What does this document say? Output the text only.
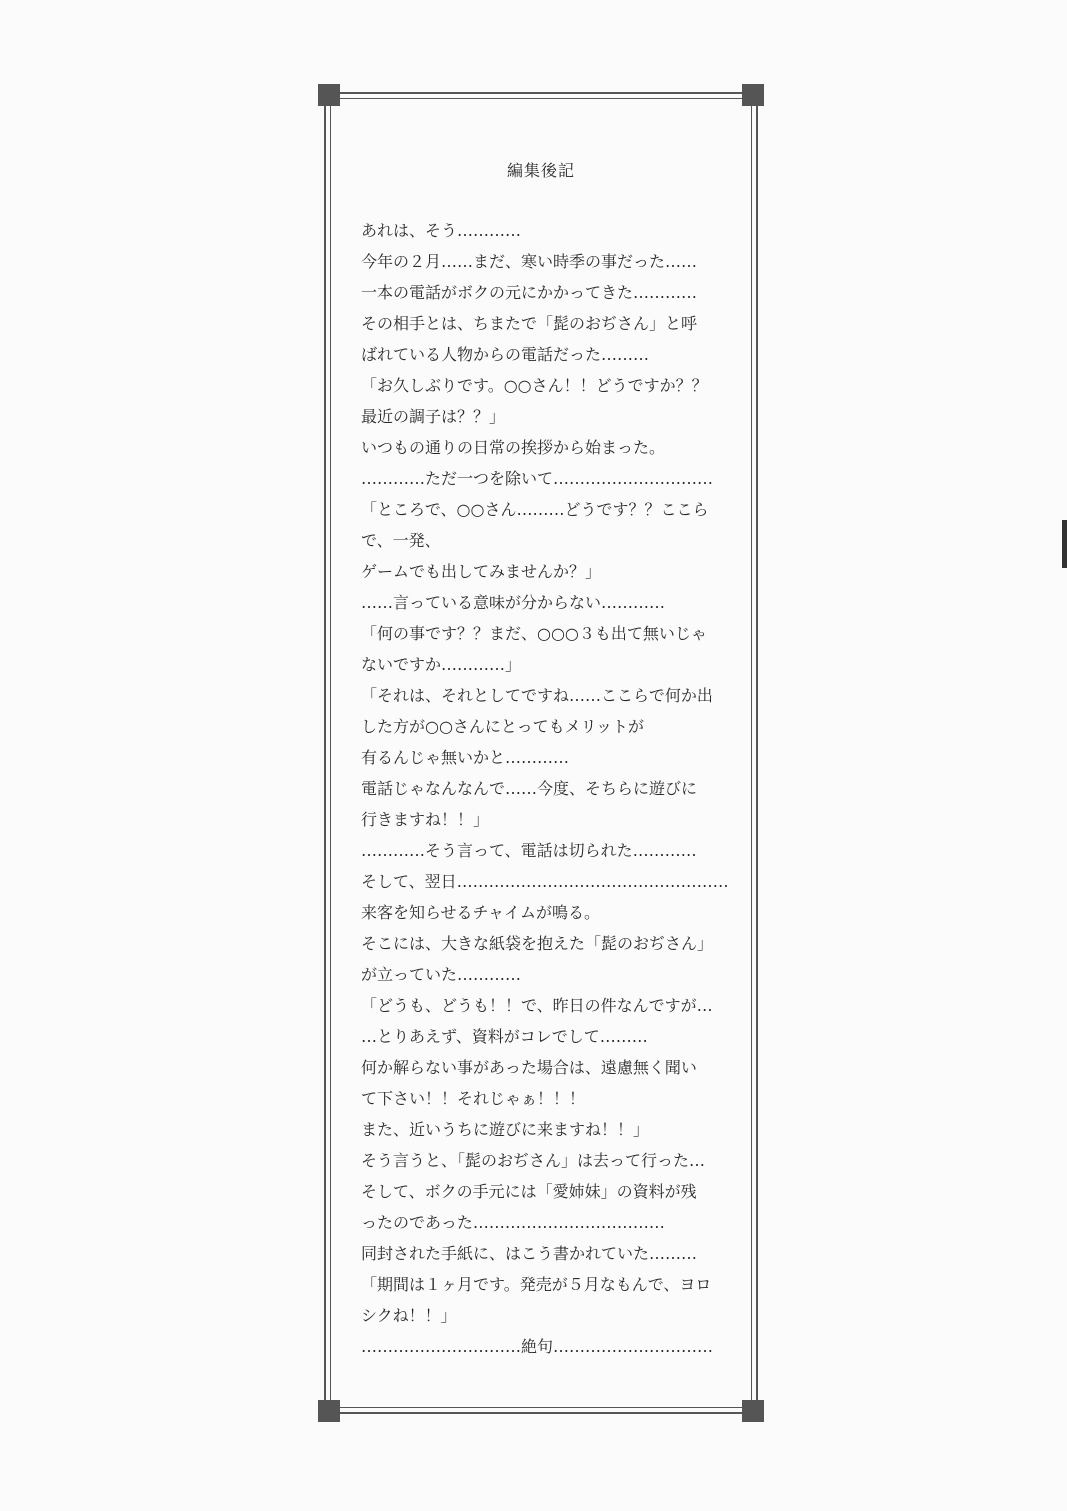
編集後記
あれは、そう…………
今年の２月……まだ、寒い時季の事だった……
一本の電話がボクの元にかかってきた…………
その相手とは、ちまたで「髭のおぢさん」と呼
ばれている人物からの電話だった………
「お久しぶりです。○○さん！！どうですか？？
最近の調子は？？」
いつもの通りの日常の挨拶から始まった。
…………ただ一つを除いて…………………………
「ところで、○○さん………どうです？？ここら
で、一発、
ゲームでも出してみませんか？」
……言っている意味が分からない…………
「何の事です？？まだ、○○○３も出て無いじゃ
ないですか…………」
「それは、それとしてですね……ここらで何か出
した方が○○さんにとってもメリットが
有るんじゃ無いかと…………
電話じゃなんなんで……今度、そちらに遊びに
行きますね！！」
…………そう言って、電話は切られた…………
そして、翌日……………………………………………
来客を知らせるチャイムが鳴る。
そこには、大きな紙袋を抱えた「髭のおぢさん」
が立っていた…………
「どうも、どうも！！で、昨日の件なんですが…
…とりあえず、資料がコレでして………
何か解らない事があった場合は、遠慮無く聞い
て下さい！！それじゃぁ！！！
また、近いうちに遊びに来ますね！！」
そう言うと、「髭のおぢさん」は去って行った…
そして、ボクの手元には「愛姉妹」の資料が残
ったのであった………………………………
同封された手紙に、はこう書かれていた………
「期間は１ヶ月です。発売が５月なもんで、ヨロ
シクね！！」
…………………………絶句…………………………
